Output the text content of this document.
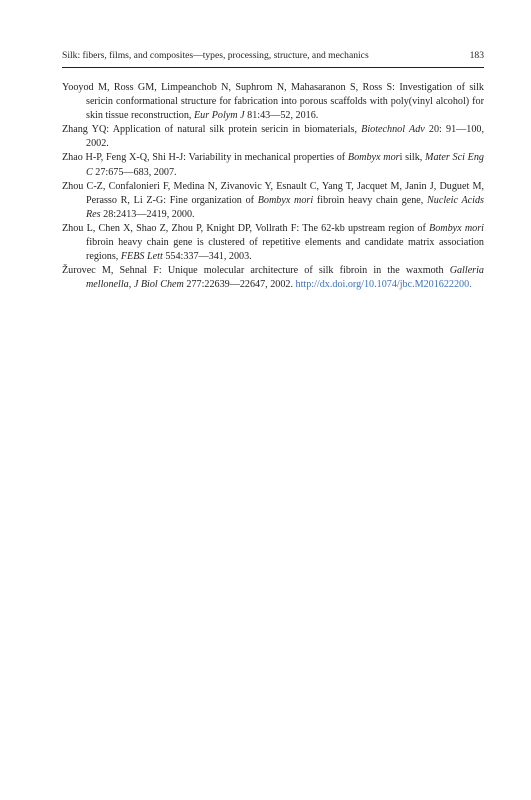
Silk: fibers, films, and composites—types, processing, structure, and mechanics	183

Yooyod M, Ross GM, Limpeanchob N, Suphrom N, Mahasaranon S, Ross S: Investigation of silk sericin conformational structure for fabrication into porous scaffolds with poly(vinyl alcohol) for skin tissue reconstruction, Eur Polym J 81:43—52, 2016.

Zhang YQ: Application of natural silk protein sericin in biomaterials, Biotechnol Adv 20: 91—100, 2002.

Zhao H-P, Feng X-Q, Shi H-J: Variability in mechanical properties of Bombyx mori silk, Mater Sci Eng C 27:675—683, 2007.

Zhou C-Z, Confalonieri F, Medina N, Zivanovic Y, Esnault C, Yang T, Jacquet M, Janin J, Duguet M, Perasso R, Li Z-G: Fine organization of Bombyx mori fibroin heavy chain gene, Nucleic Acids Res 28:2413—2419, 2000.

Zhou L, Chen X, Shao Z, Zhou P, Knight DP, Vollrath F: The 62-kb upstream region of Bombyx mori fibroin heavy chain gene is clustered of repetitive elements and candidate matrix association regions, FEBS Lett 554:337—341, 2003.

Žurovec M, Sehnal F: Unique molecular architecture of silk fibroin in the waxmoth Galleria mellonella, J Biol Chem 277:22639—22647, 2002. http://dx.doi.org/10.1074/jbc.M201622200.
